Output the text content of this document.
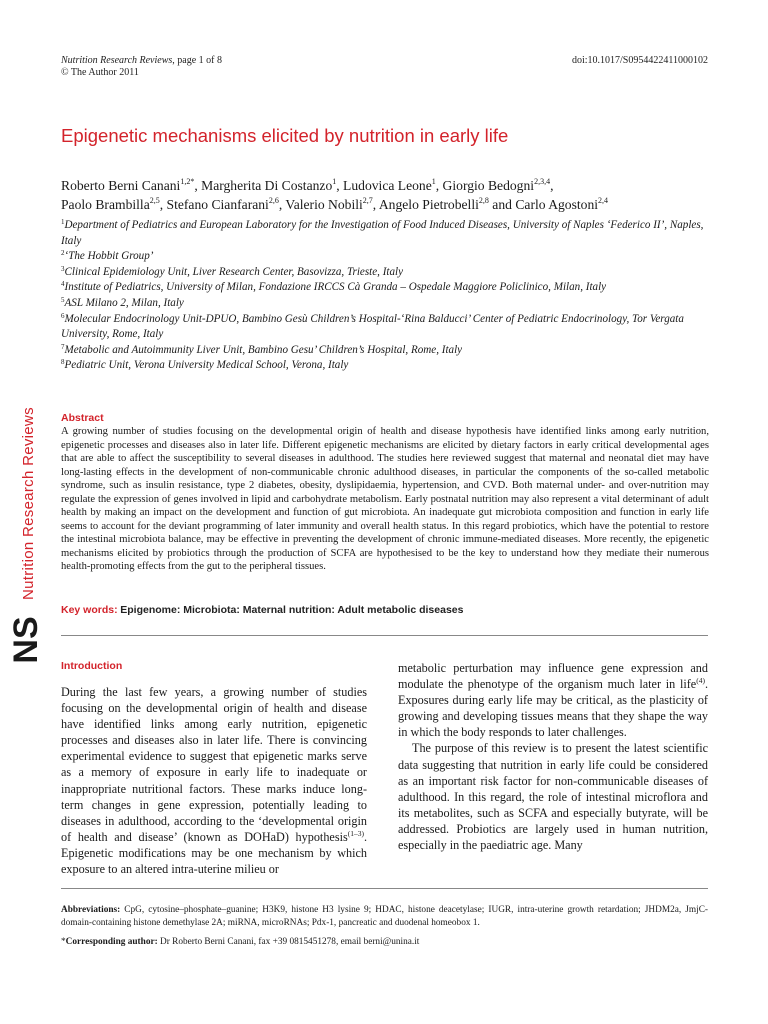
Nutrition Research Reviews, page 1 of 8
© The Author 2011
doi:10.1017/S0954422411000102
Epigenetic mechanisms elicited by nutrition in early life
Roberto Berni Canani$^{1,2*}$, Margherita Di Costanzo$^1$, Ludovica Leone$^1$, Giorgio Bedogni$^{2,3,4}$,
Paolo Brambilla$^{2,5}$, Stefano Cianfarani$^{2,6}$, Valerio Nobili$^{2,7}$, Angelo Pietrobelli$^{2,8}$ and Carlo Agostoni$^{2,4}$

$^1$Department of Pediatrics and European Laboratory for the Investigation of Food Induced Diseases, University of Naples ‘Federico II’, Naples, Italy

$^2$‘The Hobbit Group’

$^3$Clinical Epidemiology Unit, Liver Research Center, Basovizza, Trieste, Italy

$^4$Institute of Pediatrics, University of Milan, Fondazione IRCCS Cà Granda – Ospedale Maggiore Policlinico, Milan, Italy

$^5$ASL Milano 2, Milan, Italy

$^6$Molecular Endocrinology Unit-DPUO, Bambino Gesù Children’s Hospital-‘Rina Balducci’ Center of Pediatric Endocrinology, Tor Vergata University, Rome, Italy

$^7$Metabolic and Autoimmunity Liver Unit, Bambino Gesu’ Children’s Hospital, Rome, Italy

$^8$Pediatric Unit, Verona University Medical School, Verona, Italy

Nutrition Research Reviews
NS
Abstract
A growing number of studies focusing on the developmental origin of health and disease hypothesis have identified links among early nutrition, epigenetic processes and diseases also in later life. Different epigenetic mechanisms are elicited by dietary factors in early critical developmental ages that are able to affect the susceptibility to several diseases in adulthood. The studies here reviewed suggest that maternal and neonatal diet may have long-lasting effects in the development of non-communicable chronic adulthood diseases, in particular the components of the so-called metabolic syndrome, such as insulin resistance, type 2 diabetes, obesity, dyslipidaemia, hypertension, and CVD. Both maternal under- and over-nutrition may regulate the expression of genes involved in lipid and carbohydrate metabolism. Early postnatal nutrition may also represent a vital determinant of adult health by making an impact on the development and function of gut microbiota. An inadequate gut microbiota composition and function in early life seems to account for the deviant programming of later immunity and overall health status. In this regard probiotics, which have the potential to restore the intestinal microbiota balance, may be effective in preventing the development of chronic immune-mediated diseases. More recently, the epigenetic mechanisms elicited by probiotics through the production of SCFA are hypothesised to be the key to understand how they mediate their numerous health-promoting effects from the gut to the peripheral tissues.
Key words: Epigenome: Microbiota: Maternal nutrition: Adult metabolic diseases
Introduction

During the last few years, a growing number of studies focusing on the developmental origin of health and disease have identified links among early nutrition, epigenetic processes and diseases also in later life. There is convincing experimental evidence to suggest that epigenetic marks serve as a memory of exposure in early life to inadequate or inappropriate nutritional factors. These marks induce long-term changes in gene expression, potentially leading to diseases in adulthood, according to the ‘developmental origin of health and disease’ (known as DOHaD) hypothesis$^{(1-3)}$. Epigenetic modifications may be one mechanism by which exposure to an altered intra-uterine milieu or

metabolic perturbation may influence gene expression and modulate the phenotype of the organism much later in life$^{(4)}$. Exposures during early life may be critical, as the plasticity of growing and developing tissues means that they shape the way in which the body responds to later challenges.

The purpose of this review is to present the latest scientific data suggesting that nutrition in early life could be considered as an important risk factor for non-communicable diseases of adulthood. In this regard, the role of intestinal microflora and its metabolites, such as SCFA and especially butyrate, will be addressed. Probiotics are largely used in human nutrition, especially in the paediatric age. Many

Abbreviations: CpG, cytosine–phosphate–guanine; H3K9, histone H3 lysine 9; HDAC, histone deacetylase; IUGR, intra-uterine growth retardation; JHDM2a, JmjC-domain-containing histone demethylase 2A; miRNA, microRNAs; Pdx-1, pancreatic and duodenal homeobox 1.
*Corresponding author: Dr Roberto Berni Canani, fax +39 0815451278, email berni@unina.it
